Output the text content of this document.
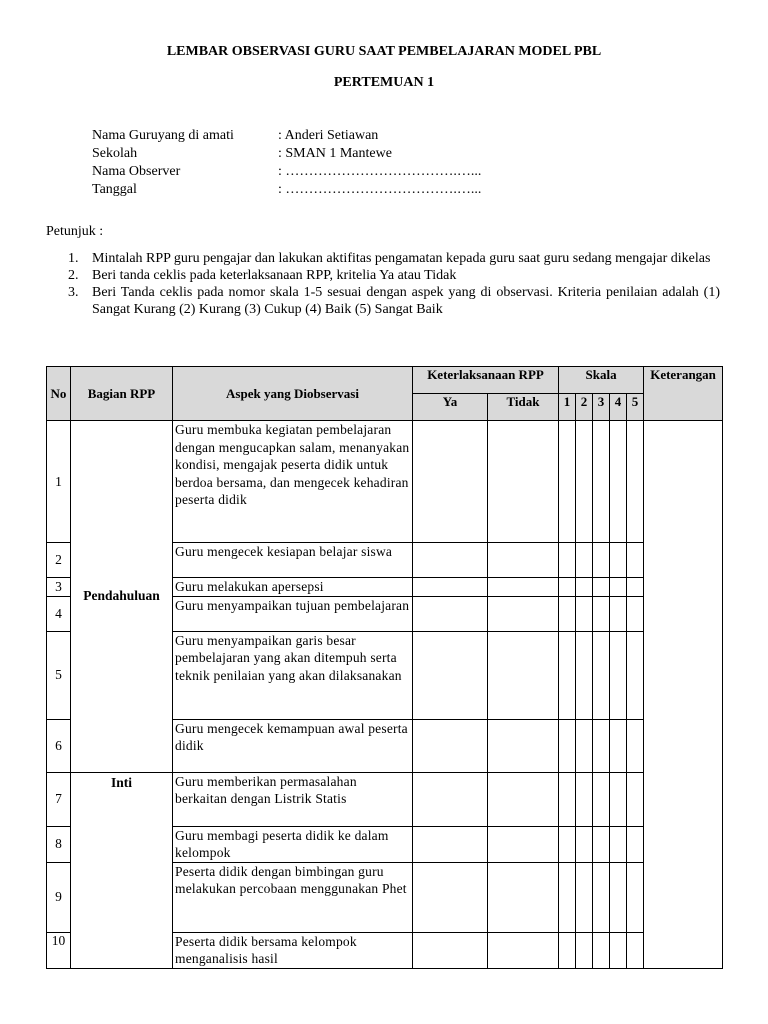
LEMBAR OBSERVASI GURU SAAT PEMBELAJARAN MODEL PBL
PERTEMUAN 1
Nama Guruyang di amati	: Anderi Setiawan
Sekolah	: SMAN 1 Mantewe
Nama Observer	: ……………………………….…...
Tanggal	: ……………………………….…...
Petunjuk :
1. Mintalah RPP guru pengajar dan lakukan aktifitas pengamatan kepada guru saat guru sedang mengajar dikelas
2. Beri tanda ceklis pada keterlaksanaan RPP, kritelia Ya atau Tidak
3. Beri Tanda ceklis pada nomor skala 1-5 sesuai dengan aspek yang di observasi. Kriteria penilaian adalah (1) Sangat Kurang (2) Kurang (3) Cukup (4) Baik (5) Sangat Baik
No	Bagian RPP	Aspek yang Diobservasi	Keterlaksanaan RPP		Skala					Keterangan
			Ya	Tidak	1	2	3	4	5	
1	Pendahuluan	Guru membuka kegiatan pembelajaran dengan mengucapkan salam, menanyakan kondisi, mengajak peserta didik untuk berdoa bersama, dan mengecek kehadiran peserta didik								
2		Guru mengecek kesiapan belajar siswa								
3		Guru melakukan apersepsi								
4		Guru menyampaikan tujuan pembelajaran								
5		Guru menyampaikan garis besar pembelajaran yang akan ditempuh serta teknik penilaian yang akan dilaksanakan								
6		Guru mengecek kemampuan awal peserta didik								
7	Inti	Guru memberikan permasalahan berkaitan dengan Listrik Statis								
8		Guru membagi peserta didik ke dalam kelompok								
9		Peserta didik dengan bimbingan guru melakukan percobaan menggunakan Phet								
10		Peserta didik bersama kelompok menganalisis hasil								
